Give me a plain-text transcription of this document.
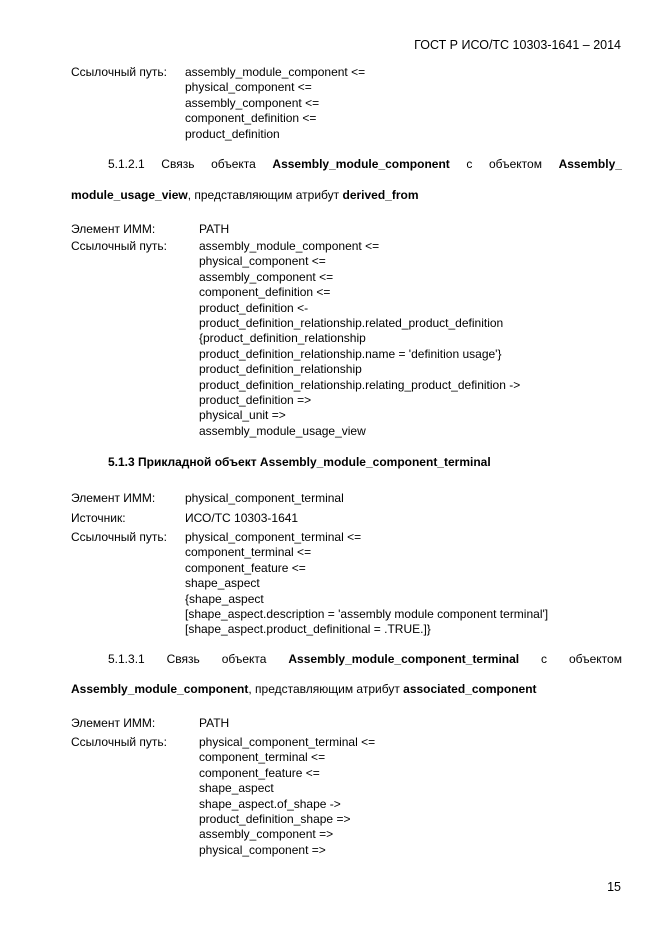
ГОСТ Р ИСО/ТС 10303-1641 – 2014
Ссылочный путь: assembly_module_component <=
physical_component <=
assembly_component <=
component_definition <=
product_definition
5.1.2.1 Связь объекта Assembly_module_component с объектом Assembly_
module_usage_view, представляющим атрибут derived_from
Элемент ИММ:	PATH
Ссылочный путь:	assembly_module_component <=
physical_component <=
assembly_component <=
component_definition <=
product_definition <-
product_definition_relationship.related_product_definition
{product_definition_relationship
product_definition_relationship.name = 'definition usage'}
product_definition_relationship
product_definition_relationship.relating_product_definition ->
product_definition =>
physical_unit =>
assembly_module_usage_view
5.1.3 Прикладной объект Assembly_module_component_terminal
Элемент ИММ: physical_component_terminal
Источник:	ИСО/ТС 10303-1641
Ссылочный путь: physical_component_terminal <=
component_terminal <=
component_feature <=
shape_aspect
{shape_aspect
[shape_aspect.description = 'assembly module component terminal']
[shape_aspect.product_definitional = .TRUE.]}
5.1.3.1 Связь объекта Assembly_module_component_terminal с объектом
Assembly_module_component, представляющим атрибут associated_component
Элемент ИММ:	PATH
Ссылочный путь:	physical_component_terminal <=
component_terminal <=
component_feature <=
shape_aspect
shape_aspect.of_shape ->
product_definition_shape =>
assembly_component =>
physical_component =>
15
